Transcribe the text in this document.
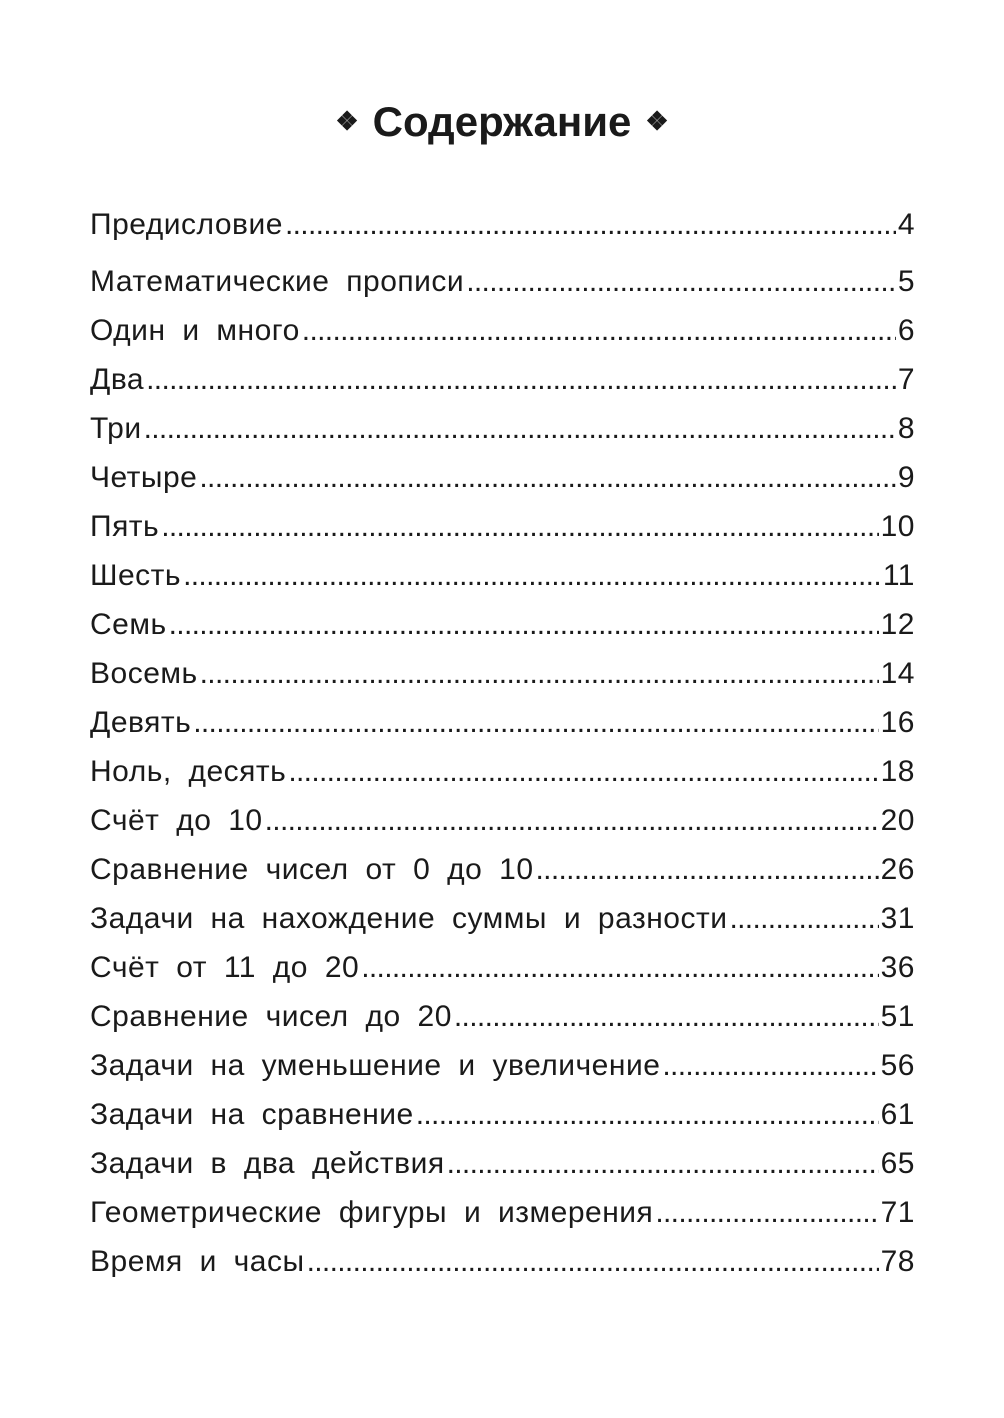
❖ Содержание ❖
Предисловие . . .	4
Математические прописи . . .	5
Один и много . . .	6
Два . . .	7
Три . . .	8
Четыре . . .	9
Пять . . .	10
Шесть . . .	11
Семь . . .	12
Восемь . . .	14
Девять . . .	16
Ноль, десять . . .	18
Счёт до 10 . . .	20
Сравнение чисел от 0 до 10 . . .	26
Задачи на нахождение суммы и разности . . .	31
Счёт от 11 до 20 . . .	36
Сравнение чисел до 20 . . .	51
Задачи на уменьшение и увеличение . . .	56
Задачи на сравнение . . .	61
Задачи в два действия . . .	65
Геометрические фигуры и измерения . . .	71
Время и часы . . .	78
